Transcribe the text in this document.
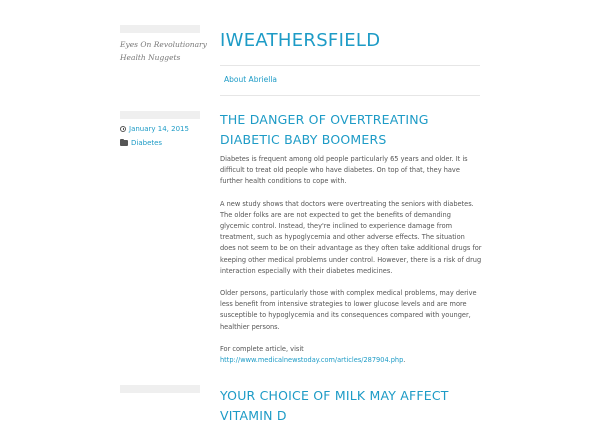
Eyes On Revolutionary Health Nuggets
January 14, 2015
Diabetes
IWEATHERSFIELD
About Abriella
THE DANGER OF OVERTREATING DIABETIC BABY BOOMERS

Diabetes is frequent among old people particularly 65 years and older. It is difficult to treat old people who have diabetes. On top of that, they have further health conditions to cope with.

A new study shows that doctors were overtreating the seniors with diabetes. The older folks are are not expected to get the benefits of demanding glycemic control. Instead, they're inclined to experience damage from treatment, such as hypoglycemia and other adverse effects. The situation does not seem to be on their advantage as they often take additional drugs for keeping other medical problems under control. However, there is a risk of drug interaction especially with their diabetes medicines.

Older persons, particularly those with complex medical problems, may derive less benefit from intensive strategies to lower glucose levels and are more susceptible to hypoglycemia and its consequences compared with younger, healthier persons.

For complete article, visit http://www.medicalnewstoday.com/articles/287904.php.

YOUR CHOICE OF MILK MAY AFFECT VITAMIN D
